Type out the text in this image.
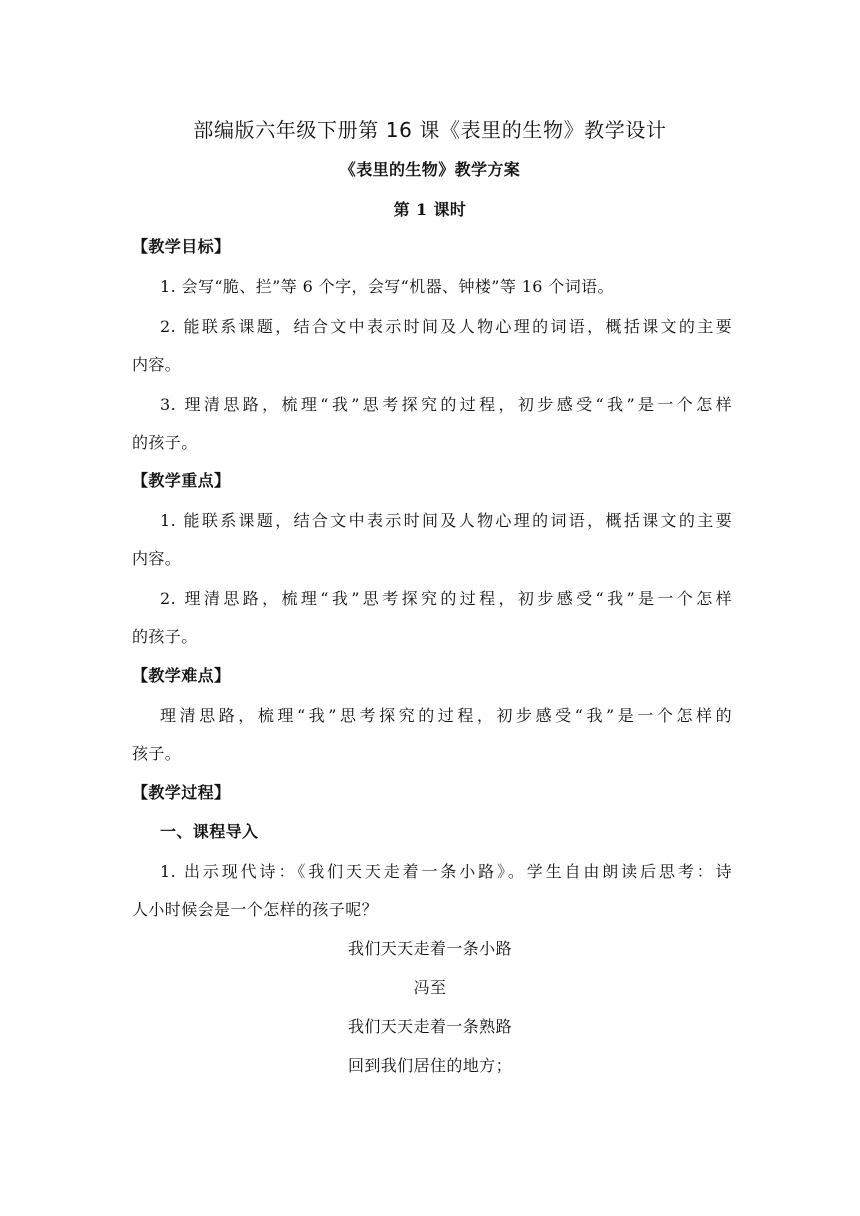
部编版六年级下册第 16 课《表里的生物》教学设计
《表里的生物》教学方案
第 1 课时
【教学目标】
1. 会写“脆、拦”等 6 个字，会写“机器、钟楼”等 16 个词语。
2. 能联系课题，结合文中表示时间及人物心理的词语，概括课文的主要
内容。
3. 理清思路，梳理“我”思考探究的过程，初步感受“我”是一个怎样
的孩子。
【教学重点】
1. 能联系课题，结合文中表示时间及人物心理的词语，概括课文的主要
内容。
2. 理清思路，梳理“我”思考探究的过程，初步感受“我”是一个怎样
的孩子。
【教学难点】
理清思路，梳理“我”思考探究的过程，初步感受“我”是一个怎样的
孩子。
【教学过程】
一、课程导入
1. 出示现代诗：《我们天天走着一条小路》。学生自由朗读后思考：诗
人小时候会是一个怎样的孩子呢？
我们天天走着一条小路
冯至
我们天天走着一条熟路
回到我们居住的地方；
